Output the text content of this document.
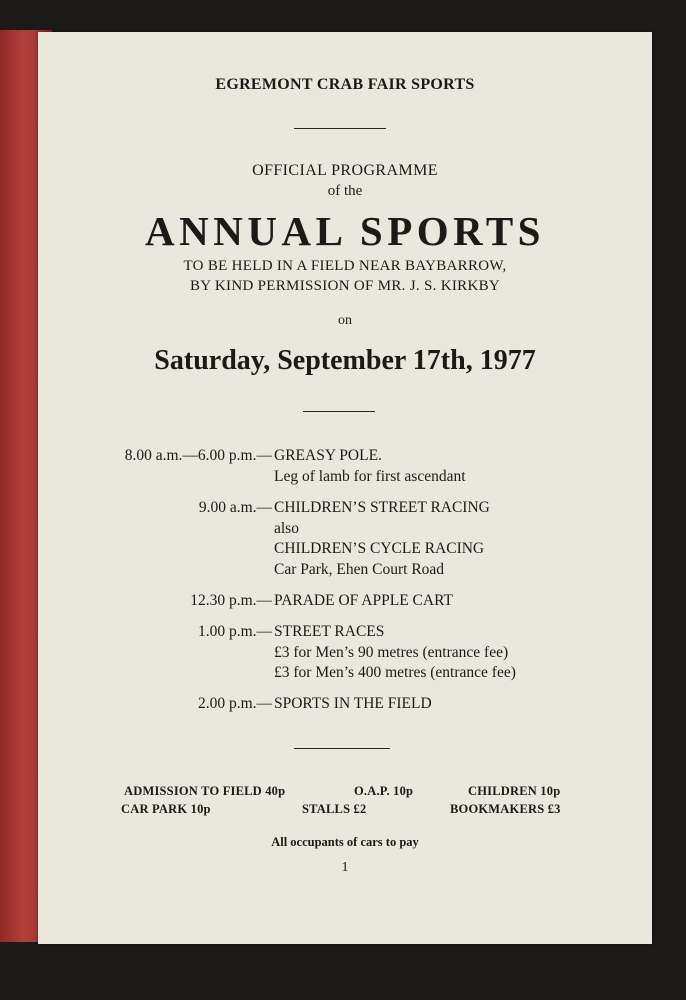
EGREMONT CRAB FAIR SPORTS
OFFICIAL PROGRAMME
of the
ANNUAL SPORTS
TO BE HELD IN A FIELD NEAR BAYBARROW,
BY KIND PERMISSION OF MR. J. S. KIRKBY
on
Saturday, September 17th, 1977
8.00 a.m.—6.00 p.m.— GREASY POLE.
Leg of lamb for first ascendant
9.00 a.m.— CHILDREN’S STREET RACING
also
CHILDREN’S CYCLE RACING
Car Park, Ehen Court Road
12.30 p.m.— PARADE OF APPLE CART
1.00 p.m.— STREET RACES
£3 for Men’s 90 metres (entrance fee)
£3 for Men’s 400 metres (entrance fee)
2.00 p.m.— SPORTS IN THE FIELD
ADMISSION TO FIELD 40p	O.A.P. 10p	CHILDREN 10p
CAR PARK 10p	STALLS £2	BOOKMAKERS £3
All occupants of cars to pay
1
